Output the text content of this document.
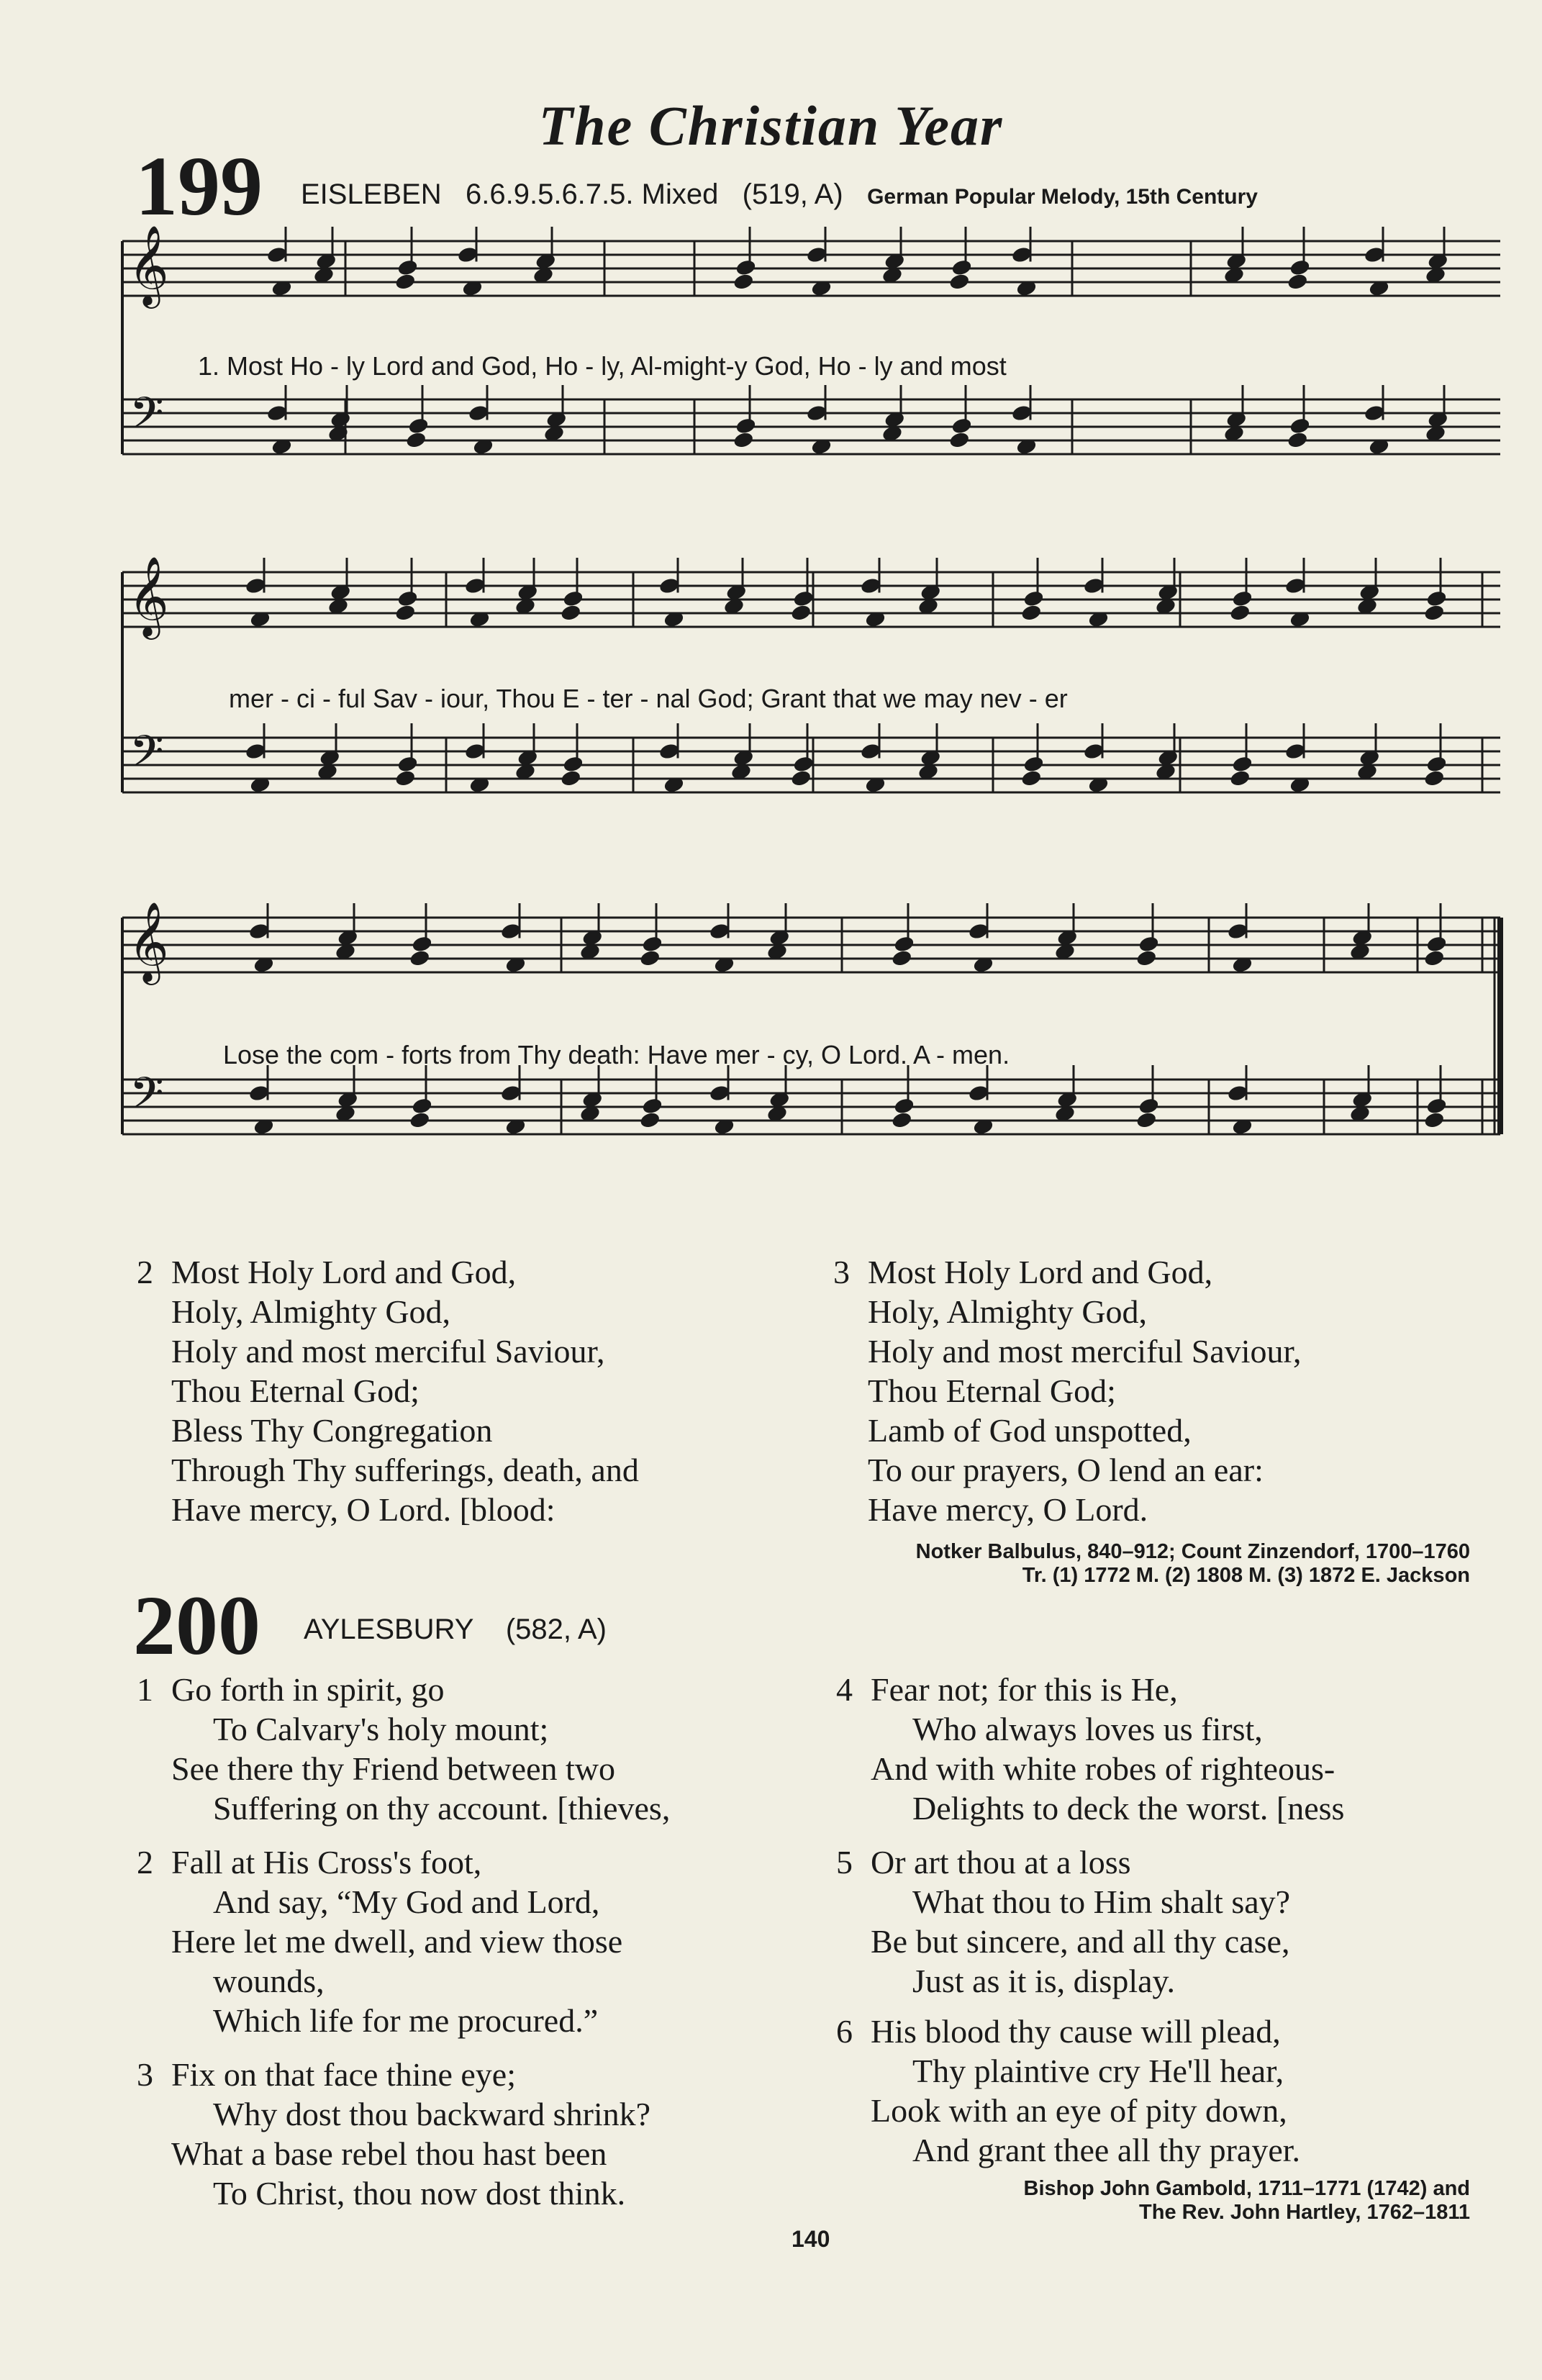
The Christian Year
199 EISLEBEN 6.6.9.5.6.7.5. Mixed (519, A) German Popular Melody, 15th Century
𝄞
𝄞
𝄞
𝄢
𝄢
𝄢
1. Most Ho - ly Lord and God, Ho - ly, Al-might-y God, Ho - ly and most
mer - ci - ful Sav - iour, Thou E - ter - nal God; Grant that we may nev - er
Lose the com - forts from Thy death: Have mer - cy, O Lord. A - men.
2 Most Holy Lord and God,
Holy, Almighty God,
Holy and most merciful Saviour,
Thou Eternal God;
Bless Thy Congregation
Through Thy sufferings, death, and
Have mercy, O Lord. [blood:
3 Most Holy Lord and God,
Holy, Almighty God,
Holy and most merciful Saviour,
Thou Eternal God;
Lamb of God unspotted,
To our prayers, O lend an ear:
Have mercy, O Lord.
Notker Balbulus, 840–912; Count Zinzendorf, 1700–1760
Tr. (1) 1772 M. (2) 1808 M. (3) 1872 E. Jackson
200 AYLESBURY (582, A)
1 Go forth in spirit, go
To Calvary's holy mount;
See there thy Friend between two
Suffering on thy account. [thieves,
2 Fall at His Cross's foot,
And say, “My God and Lord,
Here let me dwell, and view those
wounds,
Which life for me procured.”
3 Fix on that face thine eye;
Why dost thou backward shrink?
What a base rebel thou hast been
To Christ, thou now dost think.
4 Fear not; for this is He,
Who always loves us first,
And with white robes of righteous-
Delights to deck the worst. [ness
5 Or art thou at a loss
What thou to Him shalt say?
Be but sincere, and all thy case,
Just as it is, display.
6 His blood thy cause will plead,
Thy plaintive cry He'll hear,
Look with an eye of pity down,
And grant thee all thy prayer.
Bishop John Gambold, 1711–1771 (1742) and
The Rev. John Hartley, 1762–1811
140
